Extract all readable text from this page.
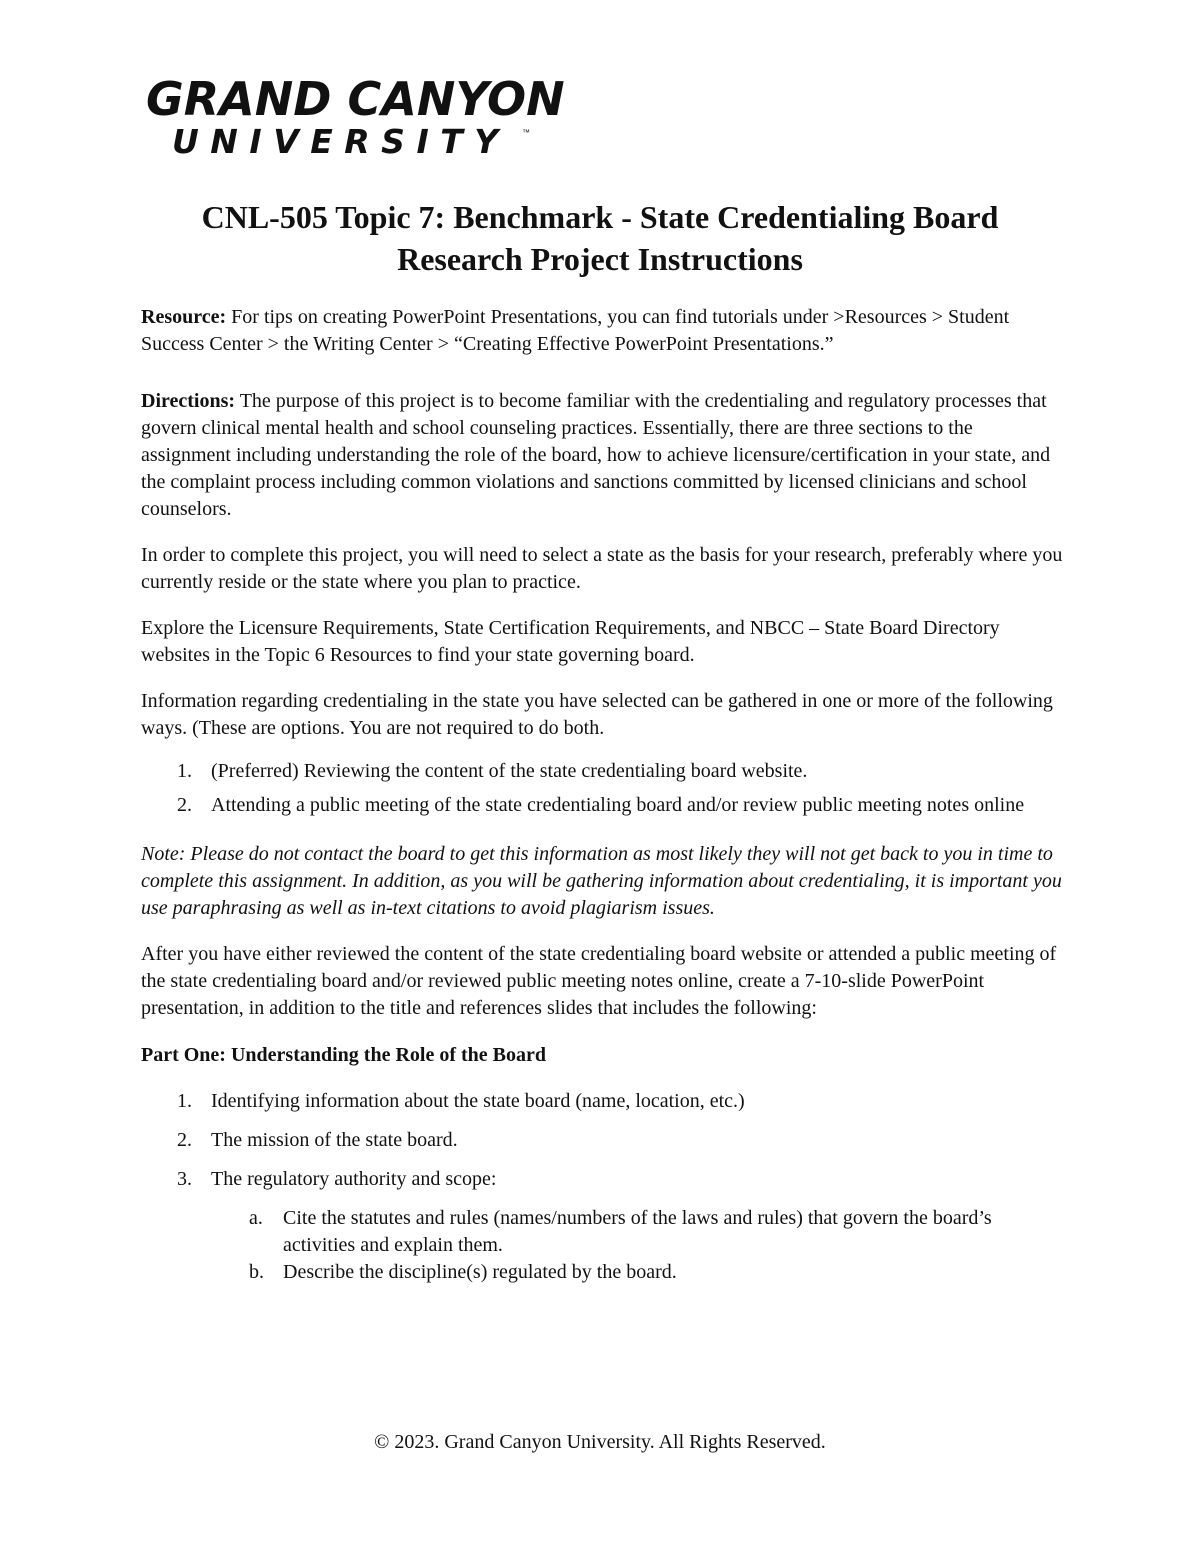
GRAND CANYON
UNIVERSITY ™
CNL-505 Topic 7: Benchmark - State Credentialing Board
Research Project Instructions

Resource: For tips on creating PowerPoint Presentations, you can find tutorials under >Resources > Student Success Center > the Writing Center > “Creating Effective PowerPoint Presentations.”

Directions: The purpose of this project is to become familiar with the credentialing and regulatory processes that govern clinical mental health and school counseling practices. Essentially, there are three sections to the assignment including understanding the role of the board, how to achieve licensure/certification in your state, and the complaint process including common violations and sanctions committed by licensed clinicians and school counselors.

In order to complete this project, you will need to select a state as the basis for your research, preferably where you currently reside or the state where you plan to practice.

Explore the Licensure Requirements, State Certification Requirements, and NBCC – State Board Directory websites in the Topic 6 Resources to find your state governing board.

Information regarding credentialing in the state you have selected can be gathered in one or more of the following ways. (These are options. You are not required to do both.

1. (Preferred) Reviewing the content of the state credentialing board website.
2. Attending a public meeting of the state credentialing board and/or review public meeting notes online

Note: Please do not contact the board to get this information as most likely they will not get back to you in time to complete this assignment. In addition, as you will be gathering information about credentialing, it is important you use paraphrasing as well as in-text citations to avoid plagiarism issues.

After you have either reviewed the content of the state credentialing board website or attended a public meeting of the state credentialing board and/or reviewed public meeting notes online, create a 7-10-slide PowerPoint presentation, in addition to the title and references slides that includes the following:

Part One: Understanding the Role of the Board

1. Identifying information about the state board (name, location, etc.)
2. The mission of the state board.
3. The regulatory authority and scope:
a. Cite the statutes and rules (names/numbers of the laws and rules) that govern the board’s activities and explain them.
b. Describe the discipline(s) regulated by the board.
© 2023. Grand Canyon University. All Rights Reserved.
